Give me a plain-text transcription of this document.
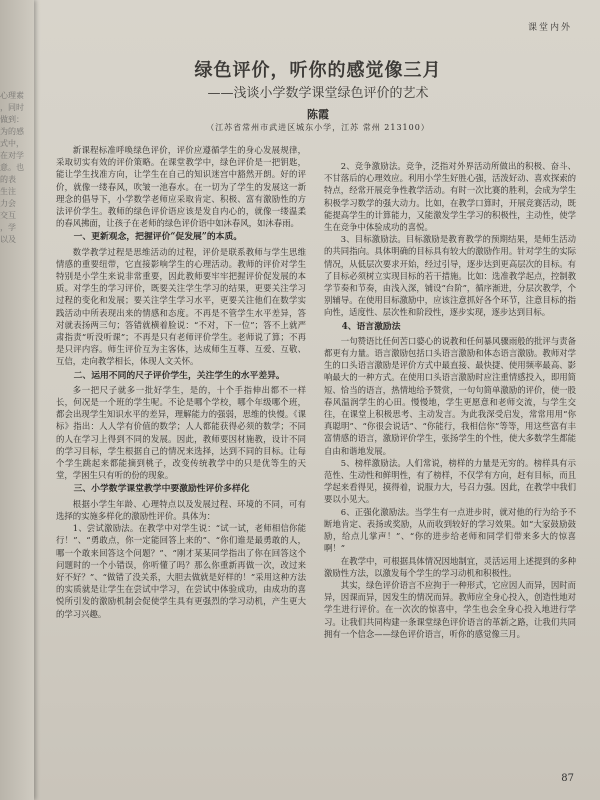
心理素
，同时
做到：
为的感
式中，
在对学
意。也
的表
生注
力会
交互
，学
以及
课堂内外
绿色评价，听你的感觉像三月
——浅谈小学数学课堂绿色评价的艺术
陈霞
（江苏省常州市武进区城东小学，江苏 常州 213100）

新课程标准呼唤绿色评价，评价应遵循学生的身心发展规律，采取切实有效的评价策略。在课堂教学中，绿色评价是一把钥匙，能让学生找准方向，让学生在自己的知识迷宫中豁然开朗。好的评价，就像一缕春风，吹皱一池春水。在一切为了学生的发展这一新理念的倡导下，小学数学老师应采取肯定、积极、富有激励性的方法评价学生。教师的绿色评价语应该是发自内心的，就像一缕温柔的春风拂面，让孩子在老师的绿色评价语中如沐春风，如沐春雨。

一、更新观念，把握评价“促发展”的本质。

数学教学过程是思维活动的过程，评价是联系教师与学生思维情感的重要纽带，它直接影响学生的心理活动。教师的评价对学生特别是小学生来说非常重要，因此教师要牢牢把握评价促发展的本质。对学生的学习评价，既要关注学生学习的结果，更要关注学习过程的变化和发展；要关注学生学习水平，更要关注他们在数学实践活动中所表现出来的情感和态度。不再是不管学生水平差异，答对就表扬两三句；答错就横着脸说：“不对，下一位”；答不上就严肃指责“听没听课”；不再是只有老师评价学生。老师说了算；不再是只评内容。师生评价互为主客体，达成师生互尊、互爱、互敬、互信，走向教学相长，体现人文关怀。

二、运用不同的尺子评价学生，关注学生的水平差异。

多一把尺子就多一批好学生，是的，十个手指伸出都不一样长，何况是一个班的学生呢。不论是哪个学校，哪个年级哪个班，都会出现学生知识水平的差异，理解能力的强弱，思维的快慢。《课标》指出：人人学有价值的数学；人人都能获得必须的数学；不同的人在学习上得到不同的发展。因此，教师要因材施教，设计不同的学习目标，学生根据自己的情况来选择，达到不同的目标。让每个学生跳起来都能摘到桃子，改变传统教学中的只是优等生的天堂，学困生只有听的份的现象。

三、小学数学课堂教学中要激励性评价多样化

根据小学生年龄、心理特点以及发展过程、环境的不同，可有选择的实施多样化的激励性评价。具体为：

1、尝试激励法。在教学中对学生说：“试一试，老师相信你能行！”、“勇敢点，你一定能回答上来的”、“你们谁是最勇敢的人，哪一个敢来回答这个问题？”、“刚才某某同学指出了你在回答这个问题时的一个小错误，你听懂了吗？那么你重新再做一次，改过来好不好？”、“做错了没关系，大胆去做就是好样的！”采用这种方法的实质就是让学生在尝试中学习，在尝试中体验成功，由成功的喜悦所引发的激励机制会促使学生具有更强烈的学习动机，产生更大的学习兴趣。

2、竞争激励法。竞争，泛指对外界活动所做出的积极、奋斗、不甘落后的心理效应。利用小学生好胜心强，活泼好动、喜欢探索的特点，经常开展竞争性教学活动。有时一次比赛的胜利，会成为学生积极学习数学的强大动力。比如，在教学口算时，开展竞赛活动，既能提高学生的计算能力，又能激发学生学习的积极性，主动性，使学生在竞争中体验成功的喜悦。

3、目标激励法。目标激励是教育教学的预期结果，是师生活动的共同指向。具体明确的目标具有较大的激励作用。针对学生的实际情况，从低层次要求开始，经过引导，逐步达到更高层次的目标。有了目标必须树立实现目标的若干措施。比如：选准教学起点，控制教学节奏和节奏，由浅入深，铺设“台阶”，循序渐进，分层次教学，个别辅导。在使用目标激励中，应该注意抓好各个环节，注意目标的指向性，适度性、层次性和阶段性，逐步实现，逐步达到目标。

4、语言激励法

一句赞语比任何苦口婆心的说教和任何暴风骤雨般的批评与责备都更有力量。语言激励包括口头语言激励和体态语言激励。教师对学生的口头语言激励是评价方式中最直接、最快捷、使用频率最高、影响最大的一种方式。在使用口头语言激励时应注重情感投入，即用简短、恰当的语言，热情地给予赞赏，一句句简单激励的评价，使一股春风温润学生的心田。慢慢地，学生更愿意和老师交流，与学生交往，在课堂上积极思考、主动发言。为此我深受启发，常常用用“你真聪明”、“你很会说话”、“你能行，我相信你”等等，用这些富有丰富情感的语言，激励评价学生，张扬学生的个性，使大多数学生都能自由和谐地发展。

5、榜样激励法。人们常说，榜样的力量是无穷的。榜样具有示范性、生动性和鲜明性，有了榜样，不仅学有方向，赶有目标，而且学起来看得见，摸得着，说服力大，号召力强。因此，在教学中我们要以小见大。

6、正强化激励法。当学生有一点进步时，就对他的行为给予不断地肯定、表扬或奖励，从而收到较好的学习效果。如“大家鼓励鼓励，给点儿掌声！”、“你的进步给老师和同学们带来多大的惊喜啊！”

在教学中，可根据具体情况因地制宜，灵活运用上述提到的多种激励性方法，以激发每个学生的学习动机和积极性。

其实，绿色评价语言不应拘于一种形式，它应因人而异，因时而异，因课而异，因发生的情况而异。教师应全身心投入，创造性地对学生进行评价。在一次次的惊喜中，学生也会全身心投入地进行学习。让我们共同构建一条课堂绿色评价语言的革新之路，让我们共同拥有一个信念——绿色评价语言，听你的感觉像三月。

87
